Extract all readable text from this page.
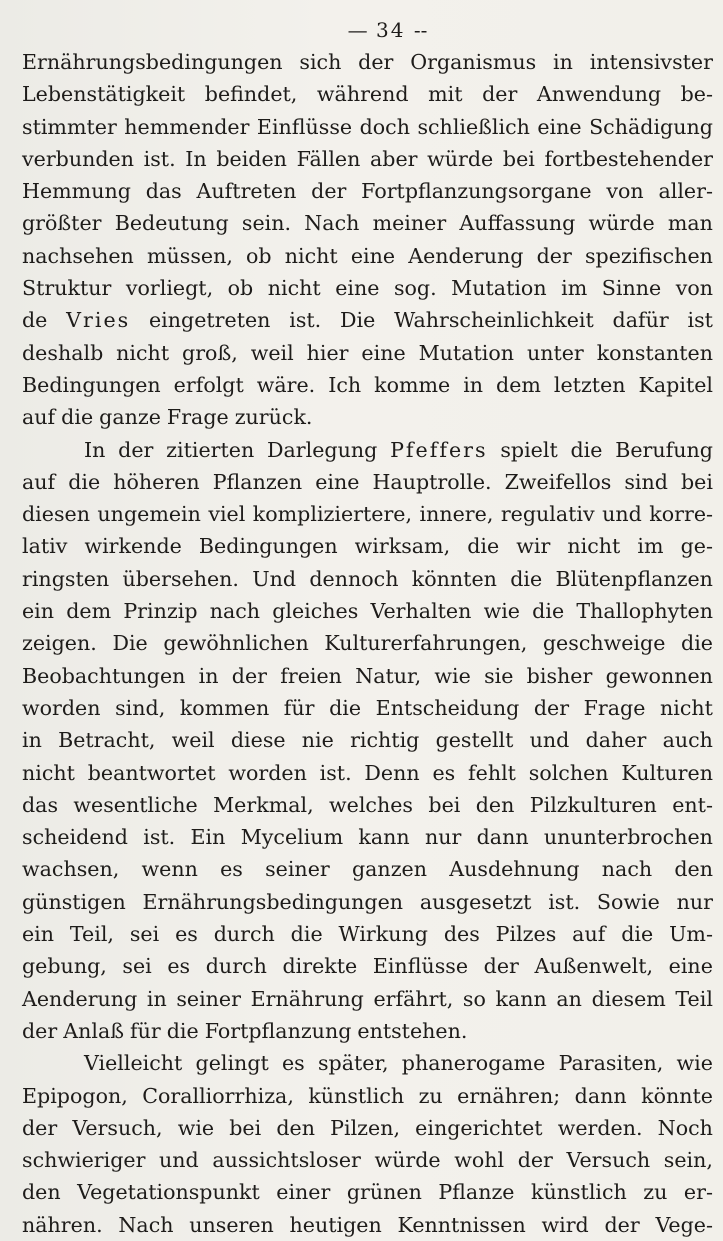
— 34 --
Ernährungsbedingungen sich der Organismus in intensivster
Lebenstätigkeit befindet, während mit der Anwendung be-
stimmter hemmender Einflüsse doch schließlich eine Schädigung
verbunden ist. In beiden Fällen aber würde bei fortbestehender
Hemmung das Auftreten der Fortpflanzungsorgane von aller-
größter Bedeutung sein. Nach meiner Auffassung würde man
nachsehen müssen, ob nicht eine Aenderung der spezifischen
Struktur vorliegt, ob nicht eine sog. Mutation im Sinne von
de Vries eingetreten ist. Die Wahrscheinlichkeit dafür ist
deshalb nicht groß, weil hier eine Mutation unter konstanten
Bedingungen erfolgt wäre. Ich komme in dem letzten Kapitel
auf die ganze Frage zurück.
In der zitierten Darlegung Pfeffers spielt die Berufung
auf die höheren Pflanzen eine Hauptrolle. Zweifellos sind bei
diesen ungemein viel kompliziertere, innere, regulativ und korre-
lativ wirkende Bedingungen wirksam, die wir nicht im ge-
ringsten übersehen. Und dennoch könnten die Blütenpflanzen
ein dem Prinzip nach gleiches Verhalten wie die Thallophyten
zeigen. Die gewöhnlichen Kulturerfahrungen, geschweige die
Beobachtungen in der freien Natur, wie sie bisher gewonnen
worden sind, kommen für die Entscheidung der Frage nicht
in Betracht, weil diese nie richtig gestellt und daher auch
nicht beantwortet worden ist. Denn es fehlt solchen Kulturen
das wesentliche Merkmal, welches bei den Pilzkulturen ent-
scheidend ist. Ein Mycelium kann nur dann ununterbrochen
wachsen, wenn es seiner ganzen Ausdehnung nach den
günstigen Ernährungsbedingungen ausgesetzt ist. Sowie nur
ein Teil, sei es durch die Wirkung des Pilzes auf die Um-
gebung, sei es durch direkte Einflüsse der Außenwelt, eine
Aenderung in seiner Ernährung erfährt, so kann an diesem Teil
der Anlaß für die Fortpflanzung entstehen.
Vielleicht gelingt es später, phanerogame Parasiten, wie
Epipogon, Coralliorrhiza, künstlich zu ernähren; dann könnte
der Versuch, wie bei den Pilzen, eingerichtet werden. Noch
schwieriger und aussichtsloser würde wohl der Versuch sein,
den Vegetationspunkt einer grünen Pflanze künstlich zu er-
nähren. Nach unseren heutigen Kenntnissen wird der Vege-
